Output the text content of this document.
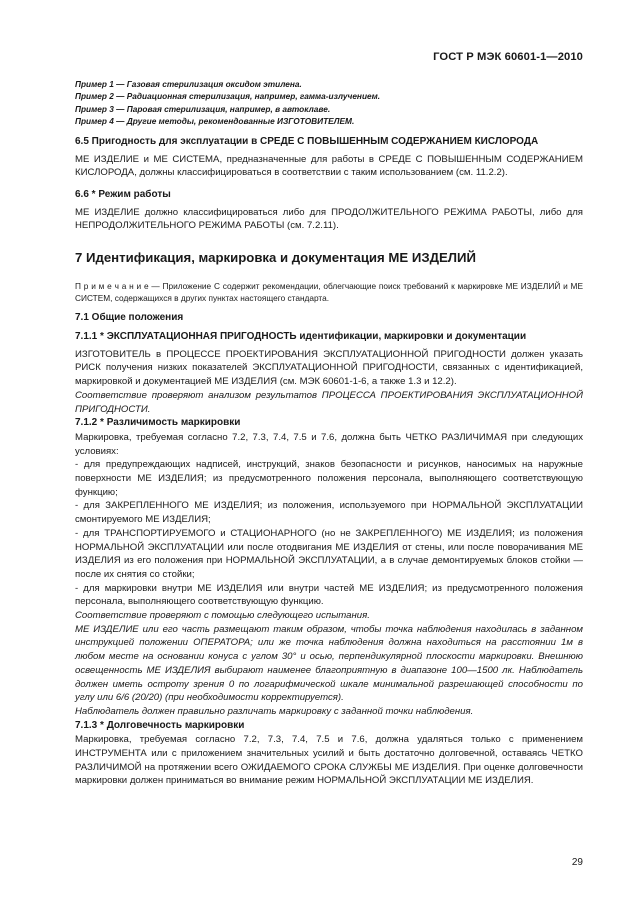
ГОСТ Р МЭК 60601-1—2010
Пример 1 — Газовая стерилизация оксидом этилена.
Пример 2 — Радиационная стерилизация, например, гамма-излучением.
Пример 3 — Паровая стерилизация, например, в автоклаве.
Пример 4 — Другие методы, рекомендованные ИЗГОТОВИТЕЛЕМ.
6.5 Пригодность для эксплуатации в СРЕДЕ С ПОВЫШЕННЫМ СОДЕРЖАНИЕМ КИСЛОРОДА

МЕ ИЗДЕЛИЕ и МЕ СИСТЕМА, предназначенные для работы в СРЕДЕ С ПОВЫШЕННЫМ СОДЕРЖАНИЕМ КИСЛОРОДА, должны классифицироваться в соответствии с таким использованием (см. 11.2.2).

6.6 * Режим работы

МЕ ИЗДЕЛИЕ должно классифицироваться либо для ПРОДОЛЖИТЕЛЬНОГО РЕЖИМА РАБОТЫ, либо для НЕПРОДОЛЖИТЕЛЬНОГО РЕЖИМА РАБОТЫ (см. 7.2.11).

7 Идентификация, маркировка и документация МЕ ИЗДЕЛИЙ

П р и м е ч а н и е — Приложение С содержит рекомендации, облегчающие поиск требований к маркировке МЕ ИЗДЕЛИЙ и МЕ СИСТЕМ, содержащихся в других пунктах настоящего стандарта.

7.1 Общие положения
7.1.1 * ЭКСПЛУАТАЦИОННАЯ ПРИГОДНОСТЬ идентификации, маркировки и документации

ИЗГОТОВИТЕЛЬ в ПРОЦЕССЕ ПРОЕКТИРОВАНИЯ ЭКСПЛУАТАЦИОННОЙ ПРИГОДНОСТИ должен указать РИСК получения низких показателей ЭКСПЛУАТАЦИОННОЙ ПРИГОДНОСТИ, связанных с идентификацией, маркировкой и документацией МЕ ИЗДЕЛИЯ (см. МЭК 60601-1-6, а также 1.3 и 12.2).

Соответствие проверяют анализом результатов ПРОЦЕССА ПРОЕКТИРОВАНИЯ ЭКСПЛУАТАЦИОННОЙ ПРИГОДНОСТИ.

7.1.2 * Различимость маркировки

Маркировка, требуемая согласно 7.2, 7.3, 7.4, 7.5 и 7.6, должна быть ЧЕТКО РАЗЛИЧИМАЯ при следующих условиях:

- для предупреждающих надписей, инструкций, знаков безопасности и рисунков, наносимых на наружные поверхности МЕ ИЗДЕЛИЯ; из предусмотренного положения персонала, выполняющего соответствующую функцию;

- для ЗАКРЕПЛЕННОГО МЕ ИЗДЕЛИЯ; из положения, используемого при НОРМАЛЬНОЙ ЭКСПЛУАТАЦИИ смонтируемого МЕ ИЗДЕЛИЯ;

- для ТРАНСПОРТИРУЕМОГО и СТАЦИОНАРНОГО (но не ЗАКРЕПЛЕННОГО) МЕ ИЗДЕЛИЯ; из положения НОРМАЛЬНОЙ ЭКСПЛУАТАЦИИ или после отодвигания МЕ ИЗДЕЛИЯ от стены, или после поворачивания МЕ ИЗДЕЛИЯ из его положения при НОРМАЛЬНОЙ ЭКСПЛУАТАЦИИ, а в случае демонтируемых блоков стойки — после их снятия со стойки;

- для маркировки внутри МЕ ИЗДЕЛИЯ или внутри частей МЕ ИЗДЕЛИЯ; из предусмотренного положения персонала, выполняющего соответствующую функцию.

Соответствие проверяют с помощью следующего испытания.

МЕ ИЗДЕЛИЕ или его часть размещают таким образом, чтобы точка наблюдения находилась в заданном инструкцией положении ОПЕРАТОРА; или же точка наблюдения должна находиться на расстоянии 1м в любом месте на основании конуса с углом 30° и осью, перпендикулярной плоскости маркировки. Внешнюю освещенность МЕ ИЗДЕЛИЯ выбирают наименее благоприятную в диапазоне 100—1500 лк. Наблюдатель должен иметь остроту зрения 0 по логарифмической шкале минимальной разрешающей способности по углу или 6/6 (20/20) (при необходимости корректируется).

Наблюдатель должен правильно различать маркировку с заданной точки наблюдения.

7.1.3 * Долговечность маркировки

Маркировка, требуемая согласно 7.2, 7.3, 7.4, 7.5 и 7.6, должна удаляться только с применением ИНСТРУМЕНТА или с приложением значительных усилий и быть достаточно долговечной, оставаясь ЧЕТКО РАЗЛИЧИМОЙ на протяжении всего ОЖИДАЕМОГО СРОКА СЛУЖБЫ МЕ ИЗДЕЛИЯ. При оценке долговечности маркировки должен приниматься во внимание режим НОРМАЛЬНОЙ ЭКСПЛУАТАЦИИ МЕ ИЗДЕЛИЯ.

29
